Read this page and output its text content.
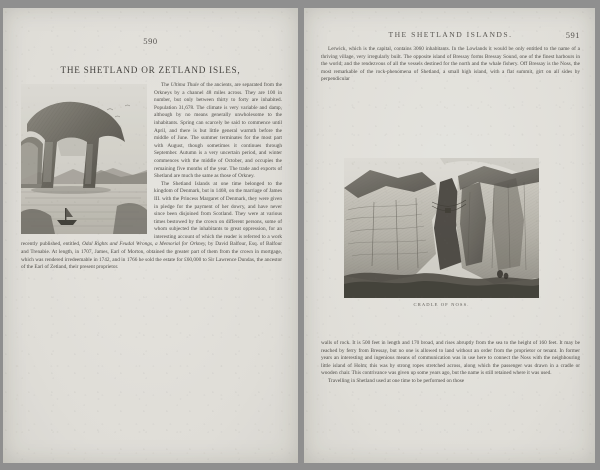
590
THE SHETLAND OR ZETLAND ISLES,

The Ultima Thule of the ancients, are separated from the Orkneys by a channel 48 miles across. They are 100 in number, but only between thirty to forty are inhabited. Population 31,678. The climate is very variable and damp, although by no means generally unwholesome to the inhabitants. Spring can scarcely be said to commence until April, and there is but little general warmth before the middle of June. The summer terminates for the most part with August, though sometimes it continues through September. Autumn is a very uncertain period, and winter commences with the middle of October, and occupies the remaining five months of the year. The trade and exports of Shetland are much the same as those of Orkney.

The Shetland Islands at one time belonged to the kingdom of Denmark, but in 1468, on the marriage of James III. with the Princess Margaret of Denmark, they were given in pledge for the payment of her dowry, and have never since been disjoined from Scotland. They were at various times bestowed by the crown on different persons, some of whom subjected the inhabitants to great oppression, for an interesting account of which the reader is referred to a work recently published, entitled, Odal Rights and Feudal Wrongs, a Memorial for Orkney, by David Balfour, Esq. of Balfour and Trenabie. At length, in 1707, James, Earl of Morton, obtained the greater part of them from the crown in mortgage, which was rendered irredeemable in 1742, and in 1766 he sold the estate for £60,000 to Sir Lawrence Dundas, the ancestor of the Earl of Zetland, their present proprietor.

THE SHETLAND ISLANDS.	591

Lerwick, which is the capital, contains 3060 inhabitants. In the Lowlands it would be only entitled to the name of a thriving village, very irregularly built. The opposite island of Bressay forms Bressay Sound, one of the finest harbours in the world; and the rendezvous of all the vessels destined for the north and the whale fishery. Off Bressay is the Noss, the most remarkable of the rock-phenomena of Shetland, a small high island, with a flat summit, girt on all sides by perpendicular

CRADLE OF NOSS.

walls of rock. It is 500 feet in length and 170 broad, and rises abruptly from the sea to the height of 160 feet. It may be reached by ferry from Bressay, but no one is allowed to land without an order from the proprietor or tenant. In former years an interesting and ingenious means of communication was in use here to connect the Noss with the neighbouring little island of Holm; this was by strong ropes stretched across, along which the passenger was drawn in a cradle or wooden chair. This contrivance was given up some years ago, but the name is still retained where it was used.

Travelling in Shetland used at one time to be performed on those
